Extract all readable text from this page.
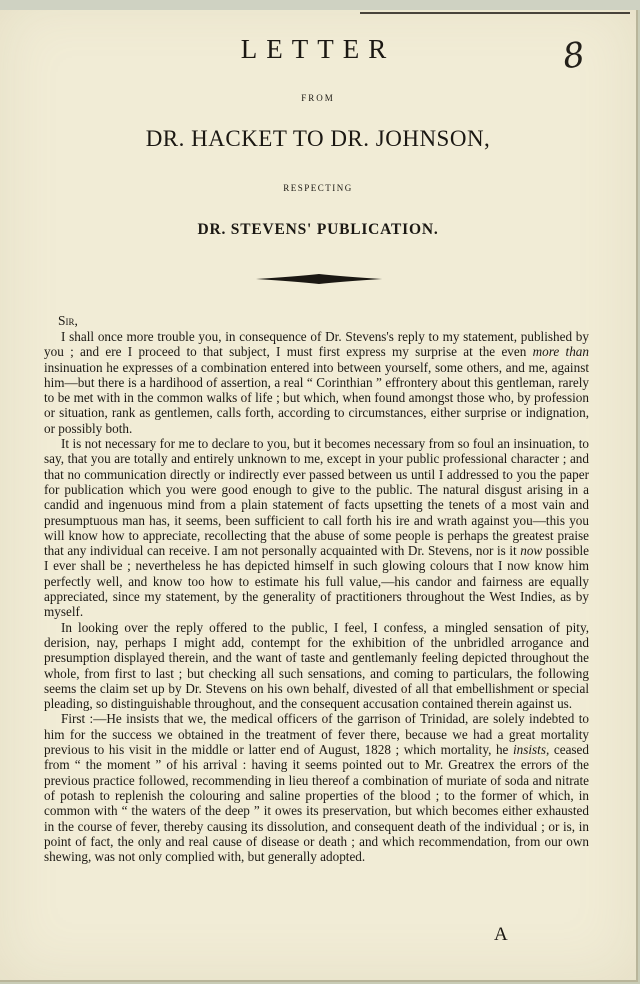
LETTER	8
FROM
DR. HACKET TO DR. JOHNSON,
RESPECTING
DR. STEVENS' PUBLICATION.

Sir,

I shall once more trouble you, in consequence of Dr. Stevens's reply to my statement, published by you ; and ere I proceed to that subject, I must first express my surprise at the even more than insinuation he expresses of a combination entered into between yourself, some others, and me, against him—but there is a hardihood of assertion, a real “ Corinthian ” effrontery about this gentleman, rarely to be met with in the common walks of life ; but which, when found amongst those who, by profession or situation, rank as gentlemen, calls forth, according to circumstances, either surprise or indignation, or possibly both.

It is not necessary for me to declare to you, but it becomes necessary from so foul an insinuation, to say, that you are totally and entirely unknown to me, except in your public professional character ; and that no communication directly or indirectly ever passed between us until I addressed to you the paper for publication which you were good enough to give to the public. The natural disgust arising in a candid and ingenuous mind from a plain statement of facts upsetting the tenets of a most vain and presumptuous man has, it seems, been sufficient to call forth his ire and wrath against you—this you will know how to appreciate, recollecting that the abuse of some people is perhaps the greatest praise that any individual can receive. I am not personally acquainted with Dr. Stevens, nor is it now possible I ever shall be ; nevertheless he has depicted himself in such glowing colours that I now know him perfectly well, and know too how to estimate his full value,—his candor and fairness are equally appreciated, since my statement, by the generality of practitioners throughout the West Indies, as by myself.

In looking over the reply offered to the public, I feel, I confess, a mingled sensation of pity, derision, nay, perhaps I might add, contempt for the exhibition of the unbridled arrogance and presumption displayed therein, and the want of taste and gentlemanly feeling depicted throughout the whole, from first to last ; but checking all such sensations, and coming to particulars, the following seems the claim set up by Dr. Stevens on his own behalf, divested of all that embellishment or special pleading, so distinguishable throughout, and the consequent accusation contained therein against us.

First :—He insists that we, the medical officers of the garrison of Trinidad, are solely indebted to him for the success we obtained in the treatment of fever there, because we had a great mortality previous to his visit in the middle or latter end of August, 1828 ; which mortality, he insists, ceased from “ the moment ” of his arrival : having it seems pointed out to Mr. Greatrex the errors of the previous practice followed, recommending in lieu thereof a combination of muriate of soda and nitrate of potash to replenish the colouring and saline properties of the blood ; to the former of which, in common with “ the waters of the deep ” it owes its preservation, but which becomes either exhausted in the course of fever, thereby causing its dissolution, and consequent death of the individual ; or is, in point of fact, the only and real cause of disease or death ; and which recommendation, from our own shewing, was not only complied with, but generally adopted.

A
